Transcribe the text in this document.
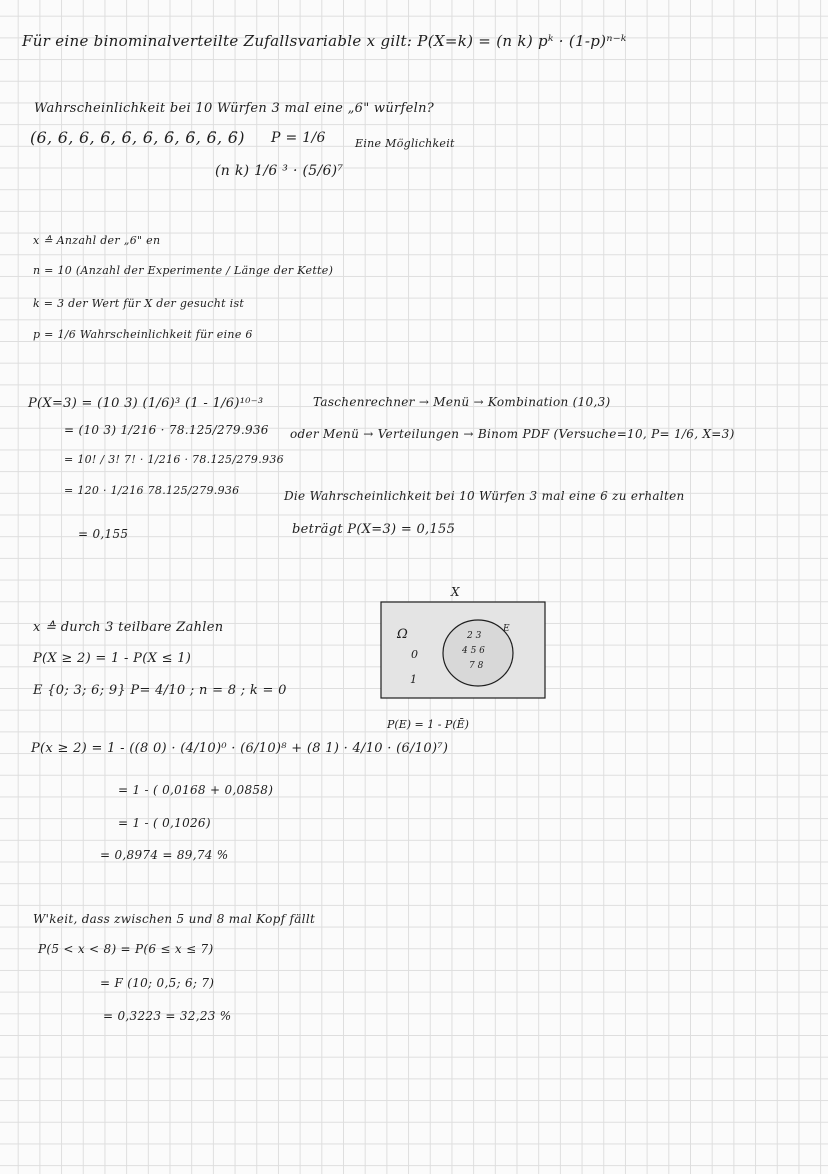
Für eine binominalverteilte Zufallsvariable x gilt: P(X=k) = (n k) pᵏ · (1-p)ⁿ⁻ᵏ
Wahrscheinlichkeit bei 10 Würfen 3 mal eine „6" würfeln?
(6, 6, 6, 6̄, 6̄, 6̄, 6̄, 6̄, 6̄, 6̄) P = 1/6	Eine Möglichkeit
(n k) 1/6 ³ · (5/6)⁷
x ≙ Anzahl der „6" en
n = 10 (Anzahl der Experimente / Länge der Kette)
k = 3 der Wert für X der gesucht ist
p = 1/6 Wahrscheinlichkeit für eine 6
P(X=3) = (10 3) (1/6)³ (1 - 1/6)¹⁰⁻³
= (10 3) 1/216 · 78.125/279.936
= 10! / 3! 7! · 1/216 · 78.125/279.936
= 120 · 1/216 78.125/279.936
= 0,155
Taschenrechner → Menü → Kombination (10,3)
oder Menü → Verteilungen → Binom PDF (Versuche=10, P= 1/6, X=3)
Die Wahrscheinlichkeit bei 10 Würfen 3 mal eine 6 zu erhalten
beträgt P(X=3) = 0,155
X
Ω
0
1
E
2 3
4 5 6
7 8
P(E) = 1 - P(Ē)
x ≙ durch 3 teilbare Zahlen
P(X ≥ 2) = 1 - P(X ≤ 1)
E {0; 3; 6; 9} P= 4/10 ; n = 8 ; k = 0
P(x ≥ 2) = 1 - ((8 0) · (4/10)⁰ · (6/10)⁸ + (8 1) · 4/10 · (6/10)⁷)
= 1 - ( 0,0168 + 0,0858)
= 1 - ( 0,1026)
= 0,8974 = 89,74 %
W'keit, dass zwischen 5 und 8 mal Kopf fällt
P(5 < x < 8) = P(6 ≤ x ≤ 7)
= F (10; 0,5; 6; 7)
= 0,3223 = 32,23 %
